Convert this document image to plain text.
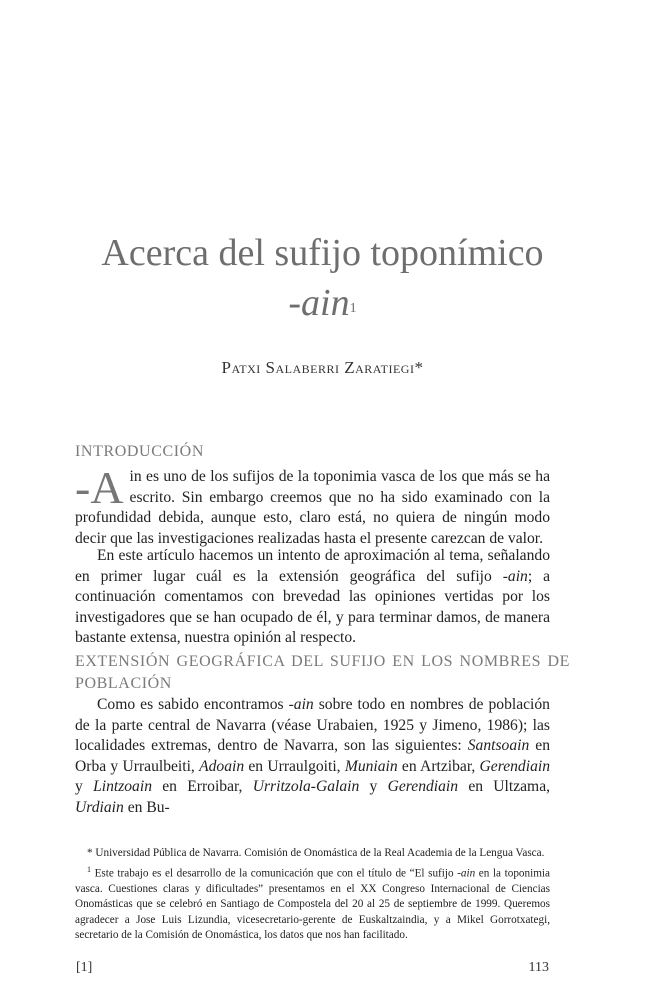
Acerca del sufijo toponímico
-ain$^1$
Patxi Salaberri Zaratiegi*
INTRODUCCIÓN
-A in es uno de los sufijos de la toponimia vasca de los que más se ha escrito. Sin embargo creemos que no ha sido examinado con la profundidad debida, aunque esto, claro está, no quiera de ningún modo decir que las investigaciones realizadas hasta el presente carezcan de valor.
En este artículo hacemos un intento de aproximación al tema, señalando en primer lugar cuál es la extensión geográfica del sufijo -ain; a continuación comentamos con brevedad las opiniones vertidas por los investigadores que se han ocupado de él, y para terminar damos, de manera bastante extensa, nuestra opinión al respecto.
EXTENSIÓN GEOGRÁFICA DEL SUFIJO EN LOS NOMBRES DE POBLACIÓN
Como es sabido encontramos -ain sobre todo en nombres de población de la parte central de Navarra (véase Urabaien, 1925 y Jimeno, 1986); las localidades extremas, dentro de Navarra, son las siguientes: Santsoain en Orba y Urraulbeiti, Adoain en Urraulgoiti, Muniain en Artzibar, Gerendiain y Lintzoain en Erroibar, Urritzola-Galain y Gerendiain en Ultzama, Urdiain en Bu-

* Universidad Pública de Navarra. Comisión de Onomástica de la Real Academia de la Lengua Vasca.

$^1$ Este trabajo es el desarrollo de la comunicación que con el título de “El sufijo -ain en la toponimia vasca. Cuestiones claras y dificultades” presentamos en el XX Congreso Internacional de Ciencias Onomásticas que se celebró en Santiago de Compostela del 20 al 25 de septiembre de 1999. Queremos agradecer a Jose Luis Lizundia, vicesecretario-gerente de Euskaltzaindia, y a Mikel Gorrotxategi, secretario de la Comisión de Onomástica, los datos que nos han facilitado.

[1]	113
